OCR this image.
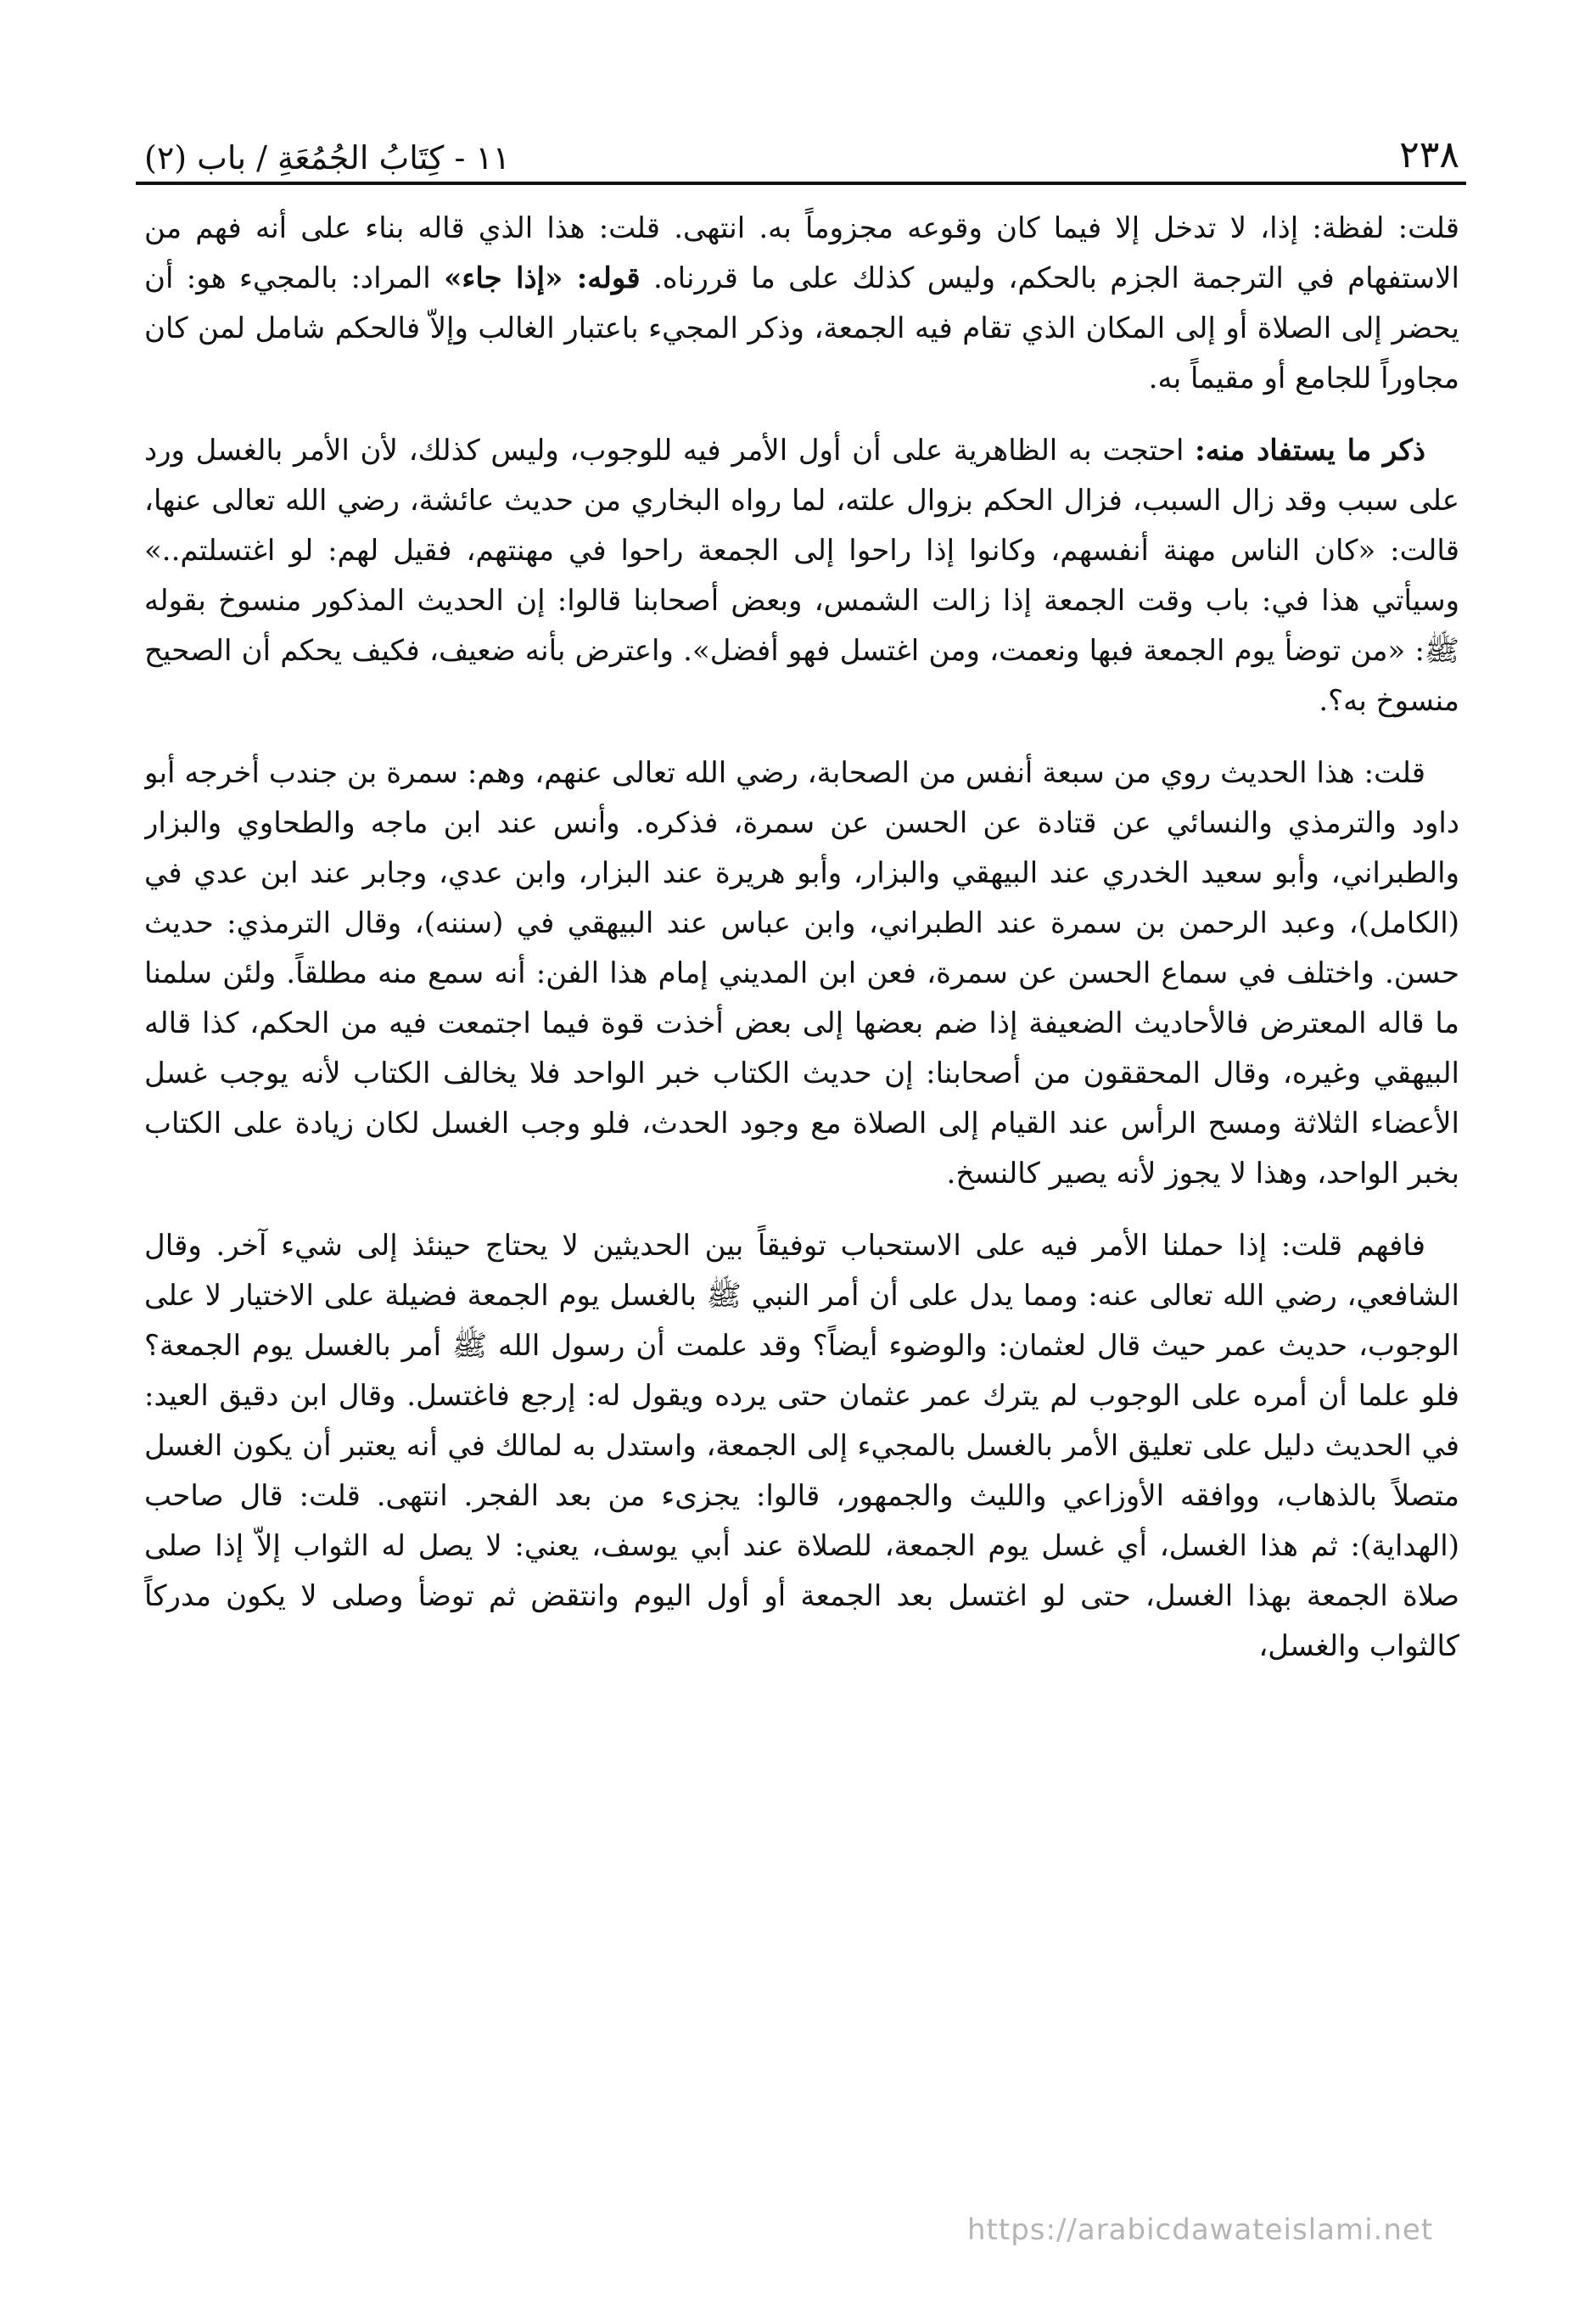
٢٣٨
١١ - كِتَابُ الجُمُعَةِ / باب (٢)

قلت: لفظة: إذا، لا تدخل إلا فيما كان وقوعه مجزوماً به. انتهى. قلت: هذا الذي قاله بناء على أنه فهم من الاستفهام في الترجمة الجزم بالحكم، وليس كذلك على ما قررناه. قوله: «إذا جاء» المراد: بالمجيء هو: أن يحضر إلى الصلاة أو إلى المكان الذي تقام فيه الجمعة، وذكر المجيء باعتبار الغالب وإلاّ فالحكم شامل لمن كان مجاوراً للجامع أو مقيماً به.

ذكر ما يستفاد منه: احتجت به الظاهرية على أن أول الأمر فيه للوجوب، وليس كذلك، لأن الأمر بالغسل ورد على سبب وقد زال السبب، فزال الحكم بزوال علته، لما رواه البخاري من حديث عائشة، رضي الله تعالى عنها، قالت: «كان الناس مهنة أنفسهم، وكانوا إذا راحوا إلى الجمعة راحوا في مهنتهم، فقيل لهم: لو اغتسلتم..» وسيأتي هذا في: باب وقت الجمعة إذا زالت الشمس، وبعض أصحابنا قالوا: إن الحديث المذكور منسوخ بقوله ﷺ: «من توضأ يوم الجمعة فبها ونعمت، ومن اغتسل فهو أفضل». واعترض بأنه ضعيف، فكيف يحكم أن الصحيح منسوخ به؟.

قلت: هذا الحديث روي من سبعة أنفس من الصحابة، رضي الله تعالى عنهم، وهم: سمرة بن جندب أخرجه أبو داود والترمذي والنسائي عن قتادة عن الحسن عن سمرة، فذكره. وأنس عند ابن ماجه والطحاوي والبزار والطبراني، وأبو سعيد الخدري عند البيهقي والبزار، وأبو هريرة عند البزار، وابن عدي، وجابر عند ابن عدي في (الكامل)، وعبد الرحمن بن سمرة عند الطبراني، وابن عباس عند البيهقي في (سننه)، وقال الترمذي: حديث حسن. واختلف في سماع الحسن عن سمرة، فعن ابن المديني إمام هذا الفن: أنه سمع منه مطلقاً. ولئن سلمنا ما قاله المعترض فالأحاديث الضعيفة إذا ضم بعضها إلى بعض أخذت قوة فيما اجتمعت فيه من الحكم، كذا قاله البيهقي وغيره، وقال المحققون من أصحابنا: إن حديث الكتاب خبر الواحد فلا يخالف الكتاب لأنه يوجب غسل الأعضاء الثلاثة ومسح الرأس عند القيام إلى الصلاة مع وجود الحدث، فلو وجب الغسل لكان زيادة على الكتاب بخبر الواحد، وهذا لا يجوز لأنه يصير كالنسخ.

فافهم قلت: إذا حملنا الأمر فيه على الاستحباب توفيقاً بين الحديثين لا يحتاج حينئذ إلى شيء آخر. وقال الشافعي، رضي الله تعالى عنه: ومما يدل على أن أمر النبي ﷺ بالغسل يوم الجمعة فضيلة على الاختيار لا على الوجوب، حديث عمر حيث قال لعثمان: والوضوء أيضاً؟ وقد علمت أن رسول الله ﷺ أمر بالغسل يوم الجمعة؟ فلو علما أن أمره على الوجوب لم يترك عمر عثمان حتى يرده ويقول له: إرجع فاغتسل. وقال ابن دقيق العيد: في الحديث دليل على تعليق الأمر بالغسل بالمجيء إلى الجمعة، واستدل به لمالك في أنه يعتبر أن يكون الغسل متصلاً بالذهاب، ووافقه الأوزاعي والليث والجمهور، قالوا: يجزىء من بعد الفجر. انتهى. قلت: قال صاحب (الهداية): ثم هذا الغسل، أي غسل يوم الجمعة، للصلاة عند أبي يوسف، يعني: لا يصل له الثواب إلاّ إذا صلى صلاة الجمعة بهذا الغسل، حتى لو اغتسل بعد الجمعة أو أول اليوم وانتقض ثم توضأ وصلى لا يكون مدركاً كالثواب والغسل،

https://arabicdawateislami.net
